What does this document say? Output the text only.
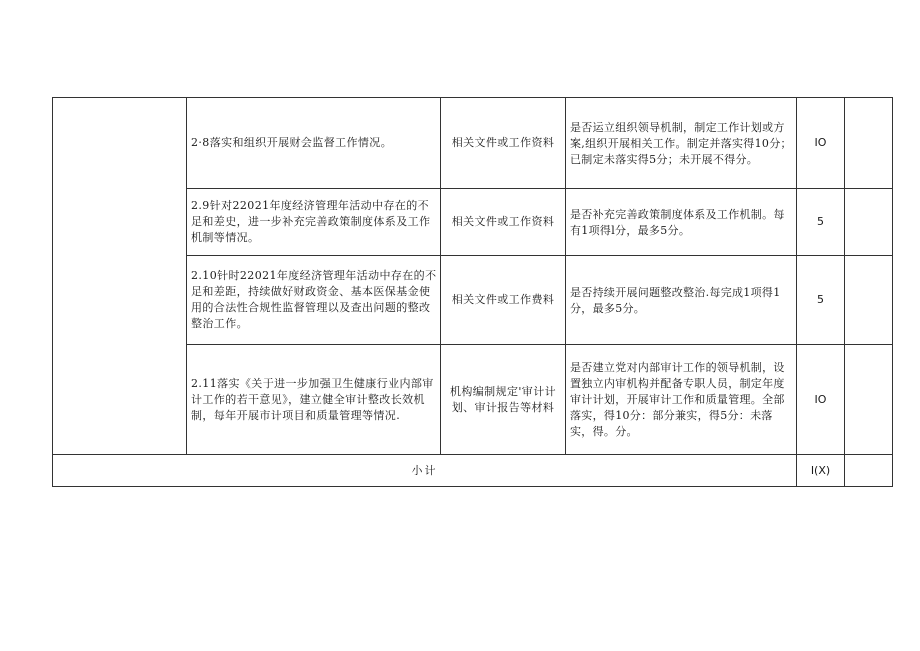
	2·8落实和组织开展财会监督工作情况。	相关文件或工作资料	是否运立组织领导机制，制定工作计划或方案,组织开展相关工作。制定并落实得10分；已制定未落实得5分；未开展不得分。	IO	

	2.9针对22021年度经济管理年活动中存在的不足和差史，进一步补充完善政策制度体系及工作机制等情况。	相关文件或工作资料	是否补充完善政策制度体系及工作机制。每有1项得l分，最多5分。	5	

	2.10针时22021年度经济管理年活动中存在的不足和差距，持续做好财政资金、基本医保基金使用的合法性合规性监督管理以及查出问题的整改整治工作。	相关文件或工作费料	是否持续开展问题整改整治.每完成1项得1分，最多5分。	5	

	2.11落实《关于进一步加强卫生健康行业内部审计工作的若干意见》，建立健全审计整改长效机制，每年开展市计项目和质量管理等情况.	机构编制规定'审计计划、审计报告等材料	是否建立党对内部审计工作的领导机制，设置独立内审机构并配备专职人员，制定年度审计计划，开展审计工作和质量管理。全部落实，得10分：部分兼实，得5分：未落实，得。分。	IO	
小计				I(X)	
